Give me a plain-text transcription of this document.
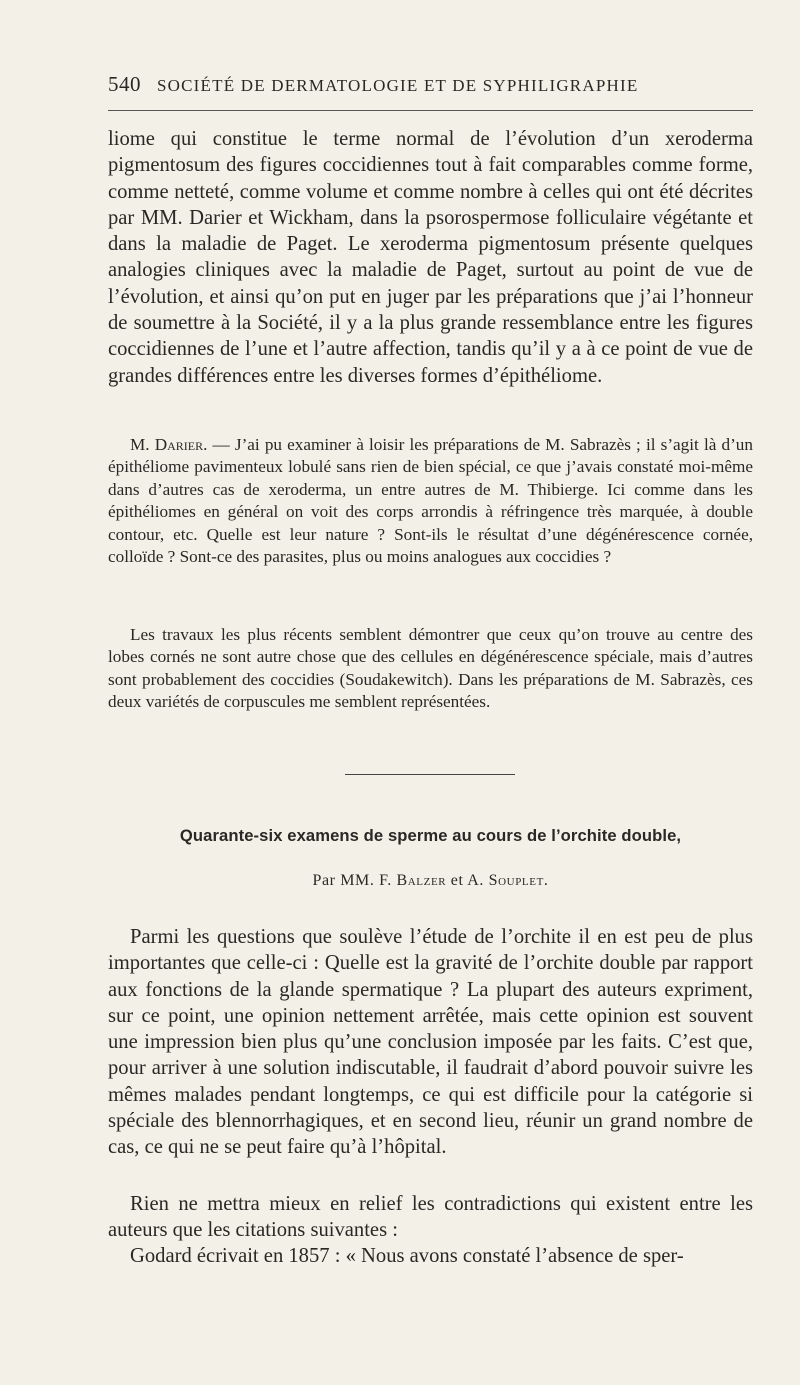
540 SOCIÉTÉ DE DERMATOLOGIE ET DE SYPHILIGRAPHIE

liome qui constitue le terme normal de l’évolution d’un xeroderma pigmentosum des figures coccidiennes tout à fait comparables comme forme, comme netteté, comme volume et comme nombre à celles qui ont été décrites par MM. Darier et Wickham, dans la psorospermose folliculaire végétante et dans la maladie de Paget. Le xeroderma pigmentosum présente quelques analogies cliniques avec la maladie de Paget, surtout au point de vue de l’évolution, et ainsi qu’on put en juger par les préparations que j’ai l’honneur de soumettre à la Société, il y a la plus grande ressemblance entre les figures coccidiennes de l’une et l’autre affection, tandis qu’il y a à ce point de vue de grandes différences entre les diverses formes d’épithéliome.

M. Darier. — J’ai pu examiner à loisir les préparations de M. Sabrazès ; il s’agit là d’un épithéliome pavimenteux lobulé sans rien de bien spécial, ce que j’avais constaté moi-même dans d’autres cas de xeroderma, un entre autres de M. Thibierge. Ici comme dans les épithéliomes en général on voit des corps arrondis à réfringence très marquée, à double contour, etc. Quelle est leur nature ? Sont-ils le résultat d’une dégénérescence cornée, colloïde ? Sont-ce des parasites, plus ou moins analogues aux coccidies ?

Les travaux les plus récents semblent démontrer que ceux qu’on trouve au centre des lobes cornés ne sont autre chose que des cellules en dégénérescence spéciale, mais d’autres sont probablement des coccidies (Soudakewitch). Dans les préparations de M. Sabrazès, ces deux variétés de corpuscules me semblent représentées.

Quarante-six examens de sperme au cours de l’orchite double,
Par MM. F. Balzer et A. Souplet.

Parmi les questions que soulève l’étude de l’orchite il en est peu de plus importantes que celle-ci : Quelle est la gravité de l’orchite double par rapport aux fonctions de la glande spermatique ? La plupart des auteurs expriment, sur ce point, une opinion nettement arrêtée, mais cette opinion est souvent une impression bien plus qu’une conclusion imposée par les faits. C’est que, pour arriver à une solution indiscutable, il faudrait d’abord pouvoir suivre les mêmes malades pendant longtemps, ce qui est difficile pour la catégorie si spéciale des blennorrhagiques, et en second lieu, réunir un grand nombre de cas, ce qui ne se peut faire qu’à l’hôpital.

Rien ne mettra mieux en relief les contradictions qui existent entre les auteurs que les citations suivantes :

Godard écrivait en 1857 : « Nous avons constaté l’absence de sper-
